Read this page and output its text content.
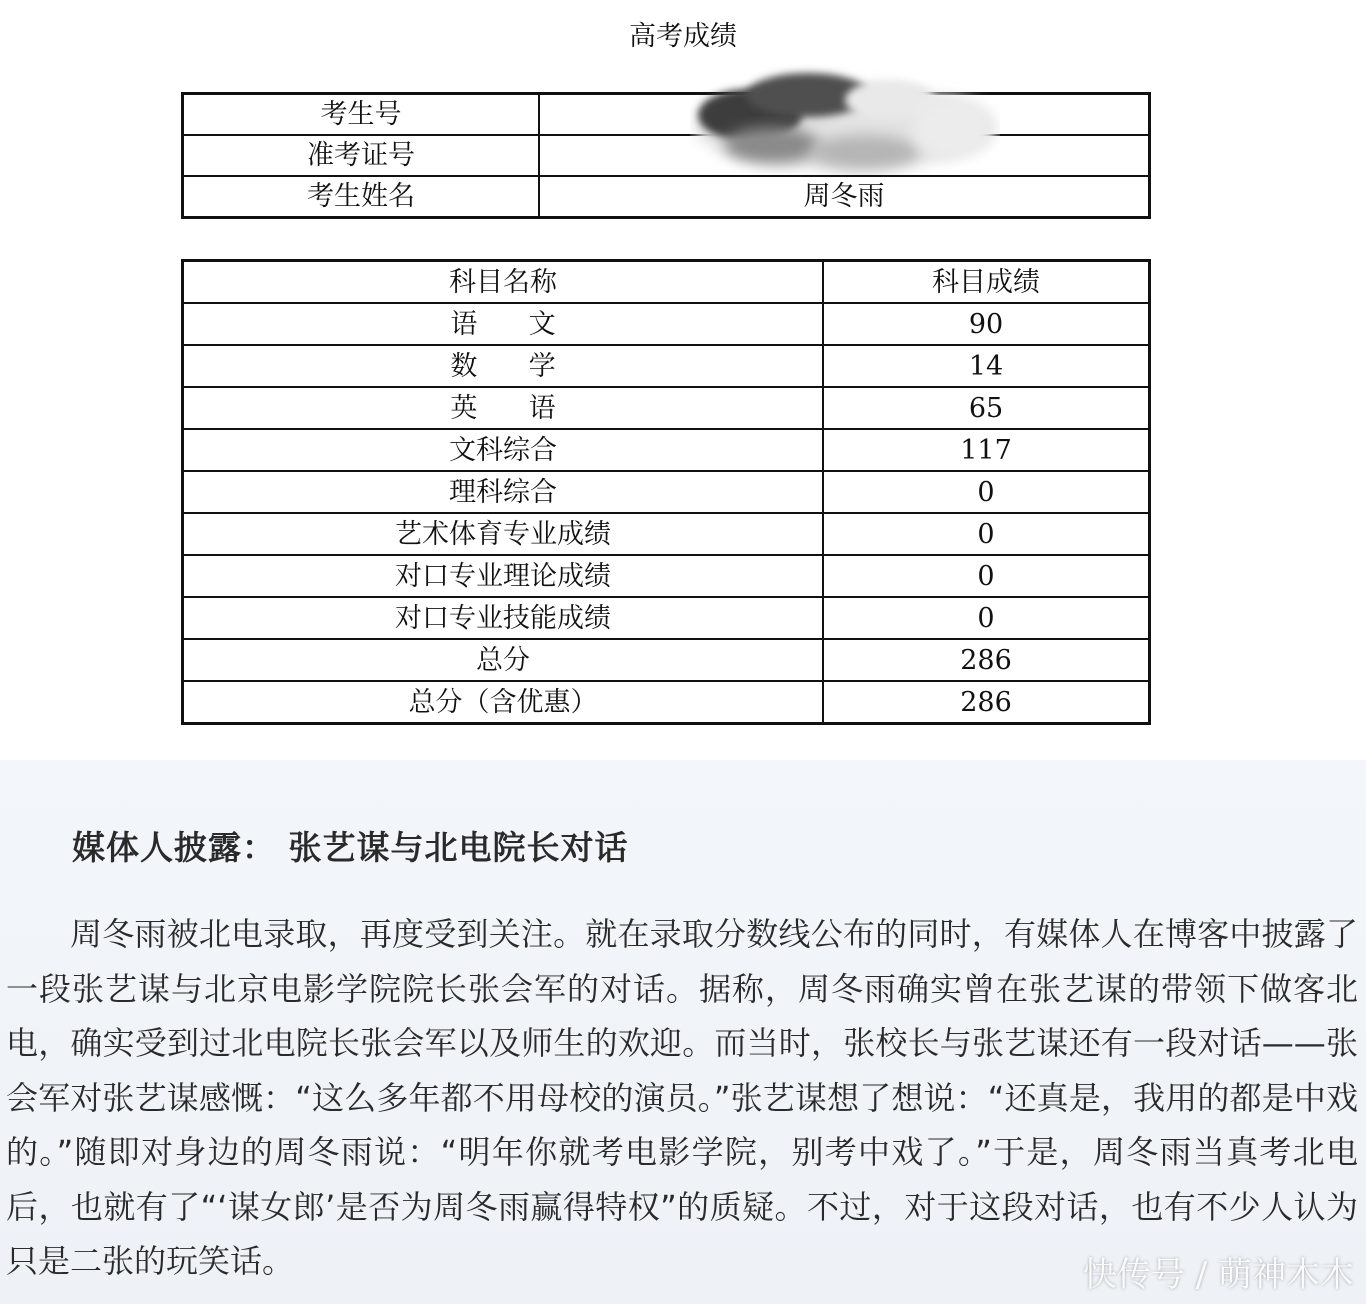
高考成绩
考生号	
准考证号	
考生姓名	周冬雨
科目名称	科目成绩
语文	90
数学	14
英语	65
文科综合	117
理科综合	0
艺术体育专业成绩	0
对口专业理论成绩	0
对口专业技能成绩	0
总分	286
总分（含优惠）	286
媒体人披露： 张艺谋与北电院长对话

周冬雨被北电录取，再度受到关注。就在录取分数线公布的同时，有媒体人在博客中披露了一段张艺谋与北京电影学院院长张会军的对话。据称，周冬雨确实曾在张艺谋的带领下做客北电，确实受到过北电院长张会军以及师生的欢迎。而当时，张校长与张艺谋还有一段对话——张会军对张艺谋感慨：“这么多年都不用母校的演员。”张艺谋想了想说：“还真是，我用的都是中戏的。”随即对身边的周冬雨说：“明年你就考电影学院，别考中戏了。”于是，周冬雨当真考北电后，也就有了“‘谋女郎’是否为周冬雨赢得特权”的质疑。不过，对于这段对话，也有不少人认为只是二张的玩笑话。	快传号 / 萌神木木
